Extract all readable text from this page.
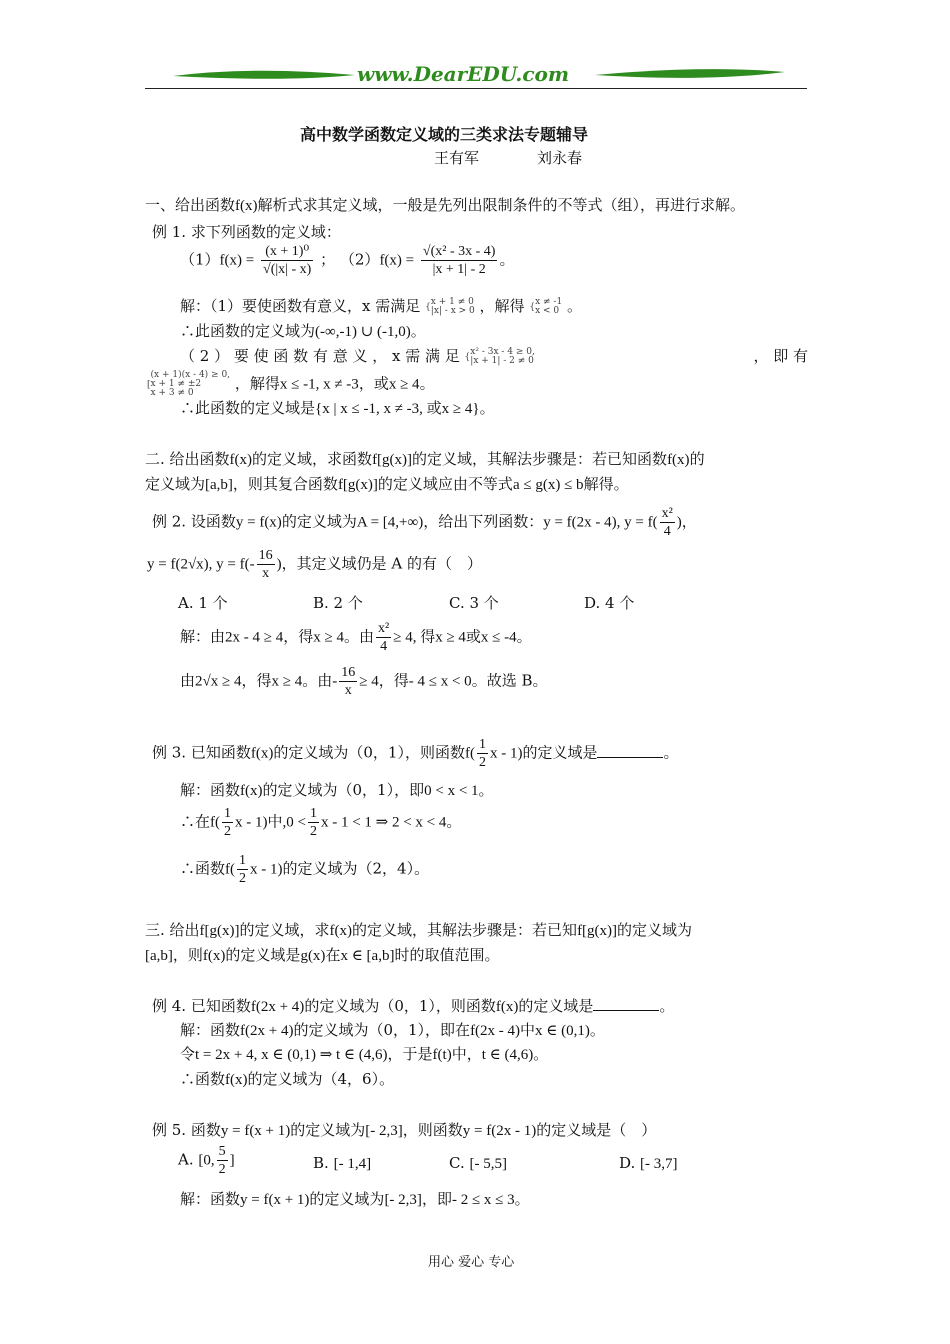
www.DearEDU.com
高中数学函数定义域的三类求法专题辅导
王有军	刘永春
一、给出函数f(x)解析式求其定义域，一般是先列出限制条件的不等式（组），再进行求解。
例 1. 求下列函数的定义域：
$(1)f(x) = \frac{\text{(x + 1)⁰}}{√(|x| - x)}$ ； $(2)f(x) = \frac{\text{√(x² - 3x - 4)}}{|x + 1| - 2}$ 。
解：（1）要使函数有意义，x 需满足 {x + 1 ≠ 0
|x| - x > 0 ，解得 {x ≠ -1
x < 0 。
∴此函数的定义域为(-∞,-1) ∪ (-1,0)。
（ 2 ） 要 使 函 数 有 意 义 ， x 需 满 足 {x² - 3x - 4 ≥ 0,
|x + 1| - 2 ≠ 0	， 即 有
[(x + 1)(x - 4) ≥ 0,
x + 1 ≠ ±2
x + 3 ≠ 0 ，解得x ≤ -1, x ≠ -3，或x ≥ 4。
∴此函数的定义域是{x | x ≤ -1, x ≠ -3, 或x ≥ 4}。
二. 给出函数f(x)的定义域，求函数f[g(x)]的定义域，其解法步骤是：若已知函数f(x)的
定义域为[a,b]，则其复合函数f[g(x)]的定义域应由不等式a ≤ g(x) ≤ b解得。
例 2. 设函数y = f(x)的定义域为A = [4,+∞)，给出下列函数：y = f(2x - 4), $y = f( \frac{\text{x²}}{4}$ )，
y = f(2√x), $y = f(- \frac{16}{x}$ )，其定义域仍是 A 的有（　）
A. 1 个	B. 2 个	C. 3 个	D. 4 个
解：由2x - 4 ≥ 4，得x ≥ 4。由 $\frac{\text{x²}}{4} \ge 4$, 得x ≥ 4或x ≤ -4。
由2√x ≥ 4，得x ≥ 4。由- $\frac{16}{x} \ge 4$，得- 4 ≤ x < 0。故选 B。
例 3. 已知函数f(x)的定义域为（0，1），则函数$f( \frac{1}{2}$ x - 1)的定义域是	。
解：函数f(x)的定义域为（0，1），即0 < x < 1。
∴在$f( \frac{1}{2}$ x - 1)中$,0 < \frac{1}{2}$ x - 1 < 1 ⇒ 2 < x < 4。
∴函数$f( \frac{1}{2}$ x - 1)的定义域为（2，4）。
三. 给出f[g(x)]的定义域，求f(x)的定义域，其解法步骤是：若已知f[g(x)]的定义域为
[a,b]，则f(x)的定义域是g(x)在x ∈ [a,b]时的取值范围。
例 4. 已知函数f(2x + 4)的定义域为（0，1），则函数f(x)的定义域是	。
解：函数f(2x + 4)的定义域为（0，1），即在f(2x - 4)中x ∈ (0,1)。
令t = 2x + 4, x ∈ (0,1) ⇒ t ∈ (4,6)，于是f(t)中，t ∈ (4,6)。
∴函数f(x)的定义域为（4，6）。
例 5. 函数y = f(x + 1)的定义域为[- 2,3]，则函数y = f(2x - 1)的定义域是（　）
A. [0, $\frac{5}{2}$ ]	B. [- 1,4]	C. [- 5,5]	D. [- 3,7]
解：函数y = f(x + 1)的定义域为[- 2,3]，即- 2 ≤ x ≤ 3。
用心 爱心 专心
